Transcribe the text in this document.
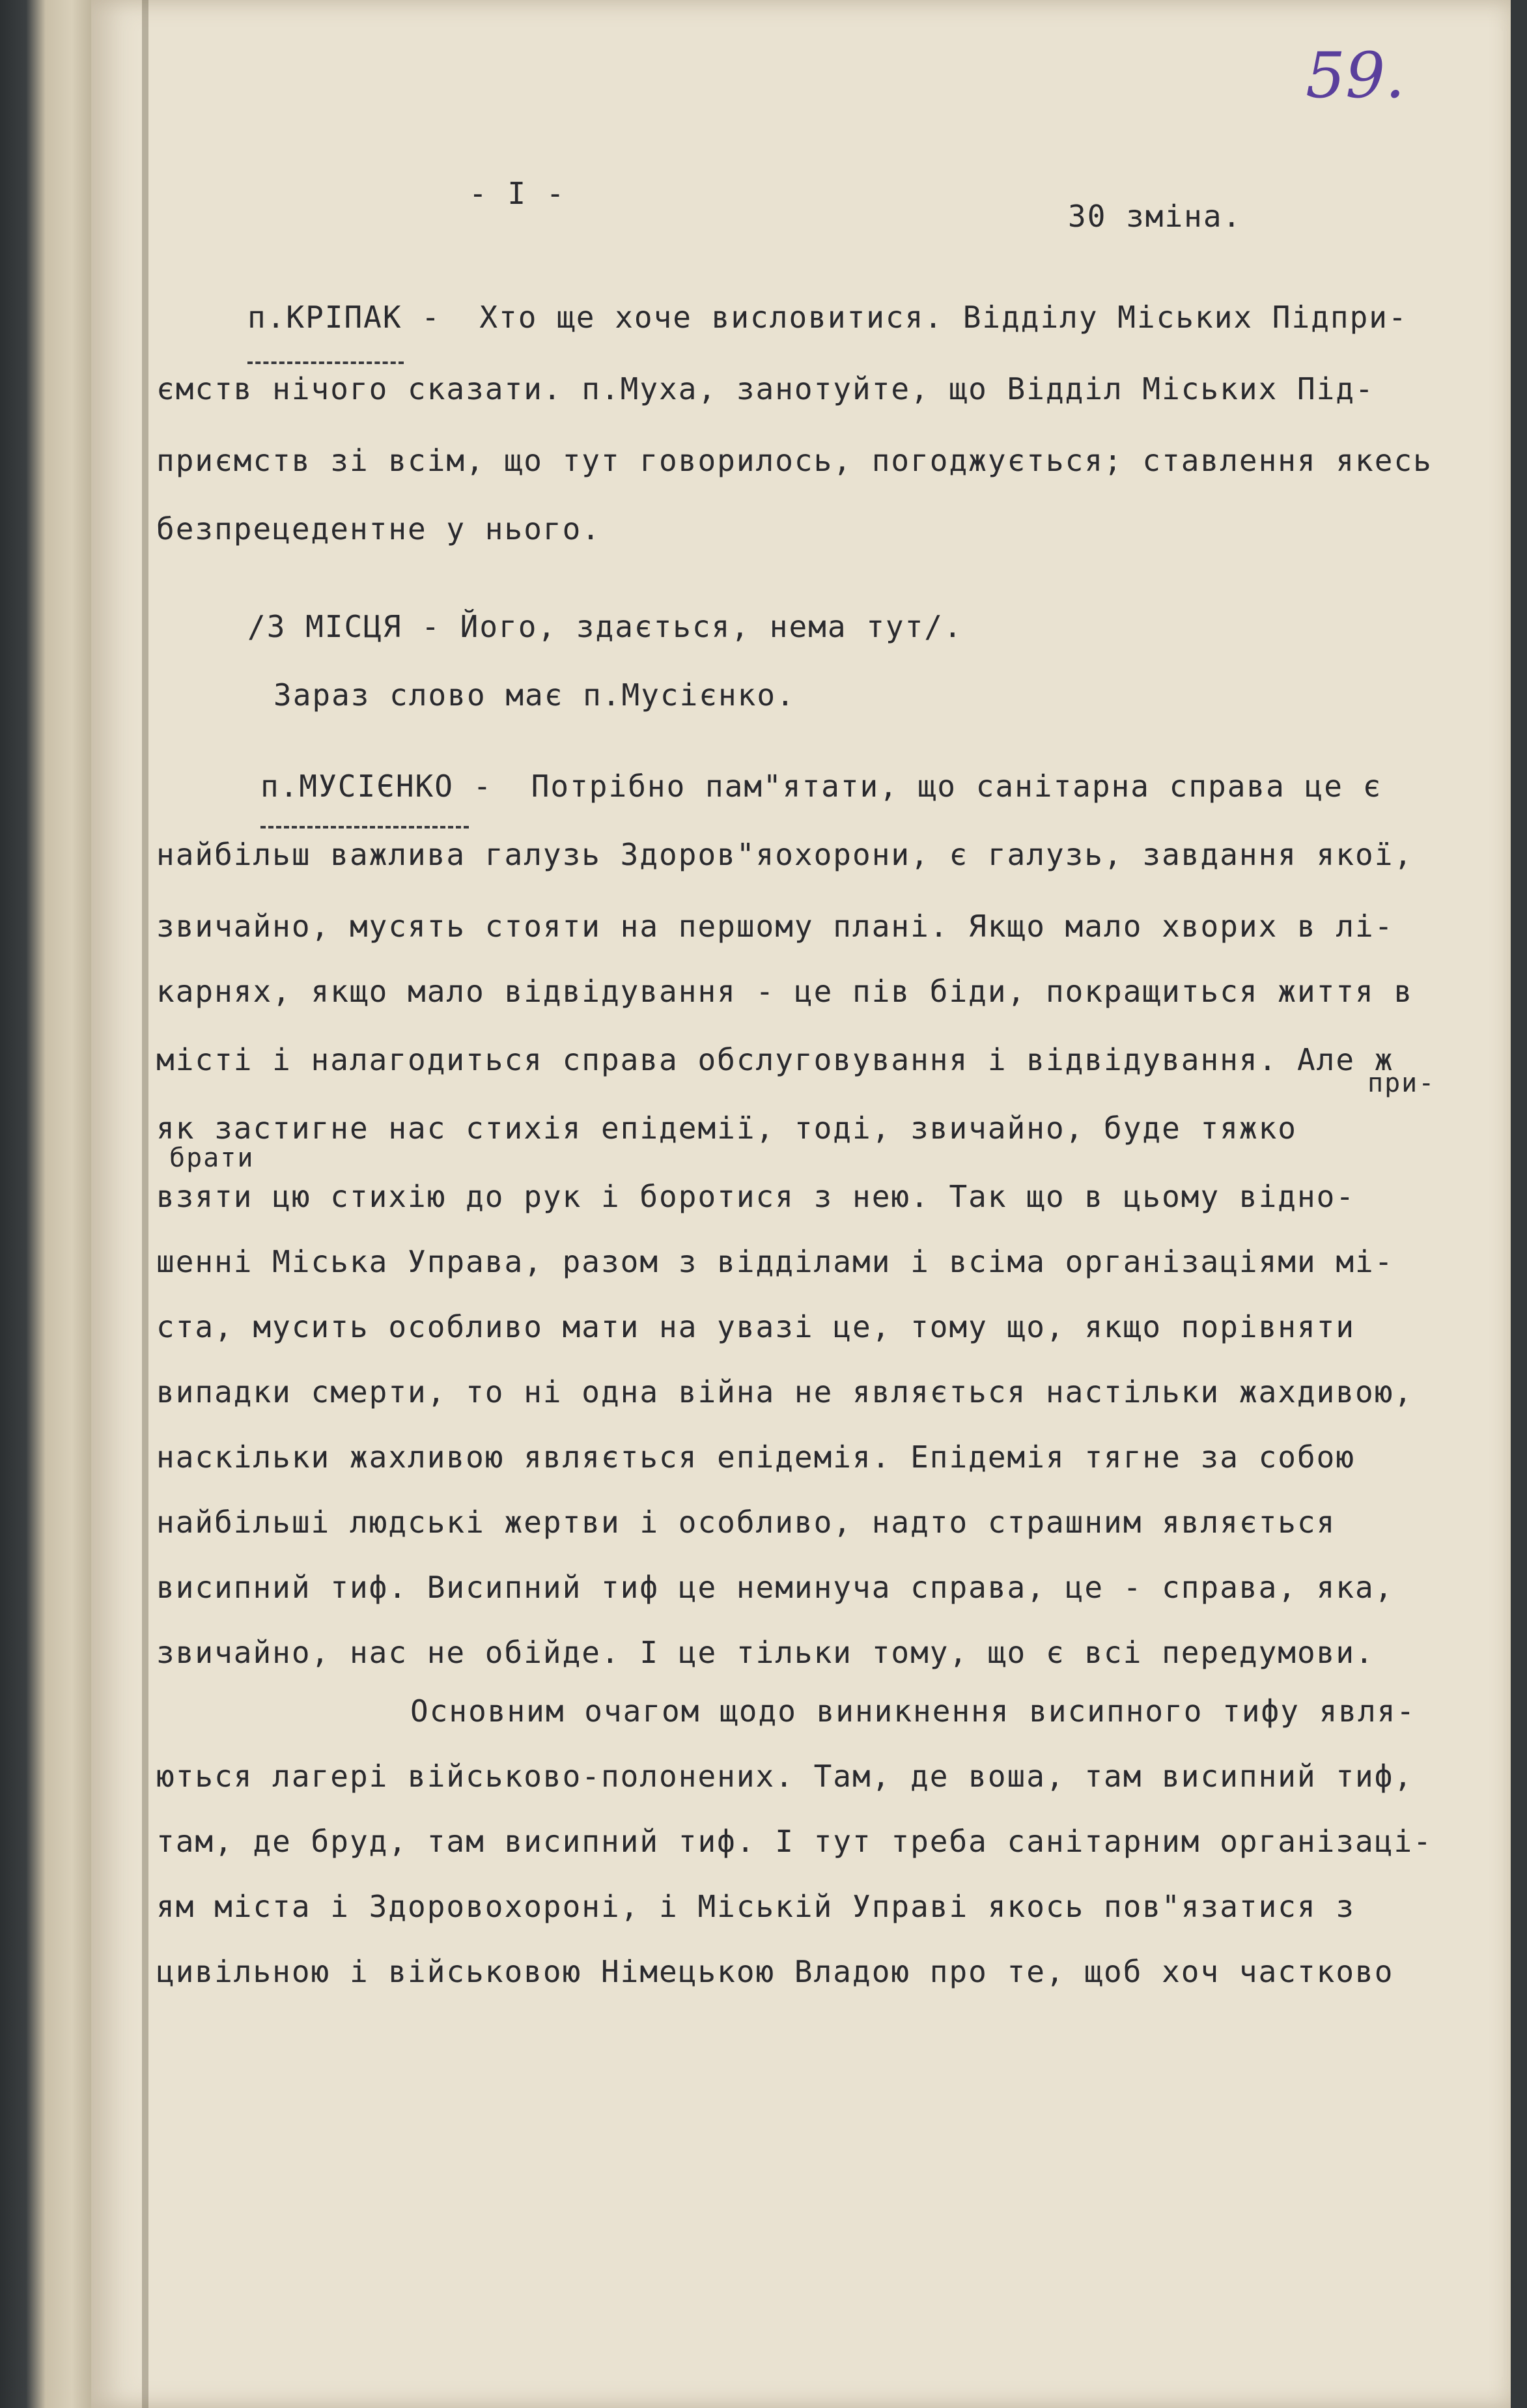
59.
- I -
30 зміна.
п.КРІПАК -  Хто ще хоче висловитися. Відділу Міських Підпри-
ємств нічого сказати. п.Муха, занотуйте, що Відділ Міських Під-
приємств зі всім, що тут говорилось, погоджується; ставлення якесь
безпрецедентне у нього.
/З МІСЦЯ - Його, здається, нема тут/.
Зараз слово має п.Мусієнко.
п.МУСІЄНКО -  Потрібно пам"ятати, що санітарна справа це є
найбільш важлива галузь Здоров"яохорони, є галузь, завдання якої,
звичайно, мусять стояти на першому плані. Якщо мало хворих в лі-
карнях, якщо мало відвідування - це пів біди, покращиться життя в
місті і налагодиться справа обслуговування і відвідування. Але ж
при-
як застигне нас стихія епідемії, тоді, звичайно, буде тяжко
брати
взяти цю стихію до рук і боротися з нею. Так що в цьому відно-
шенні Міська Управа, разом з відділами і всіма організаціями мі-
ста, мусить особливо мати на увазі це, тому що, якщо порівняти
випадки смерти, то ні одна війна не являється настільки жахдивою,
наскільки жахливою являється епідемія. Епідемія тягне за собою
найбільші людські жертви і особливо, надто страшним являється
висипний тиф. Висипний тиф це неминуча справа, це - справа, яка,
звичайно, нас не обійде. І це тільки тому, що є всі передумови.
Основним очагом щодо виникнення висипного тифу явля-
ються лагері військово-полонених. Там, де воша, там висипний тиф,
там, де бруд, там висипний тиф. І тут треба санітарним організаці-
ям міста і Здоровохороні, і Міській Управі якось пов"язатися з
цивільною і військовою Німецькою Владою про те, щоб хоч частково
